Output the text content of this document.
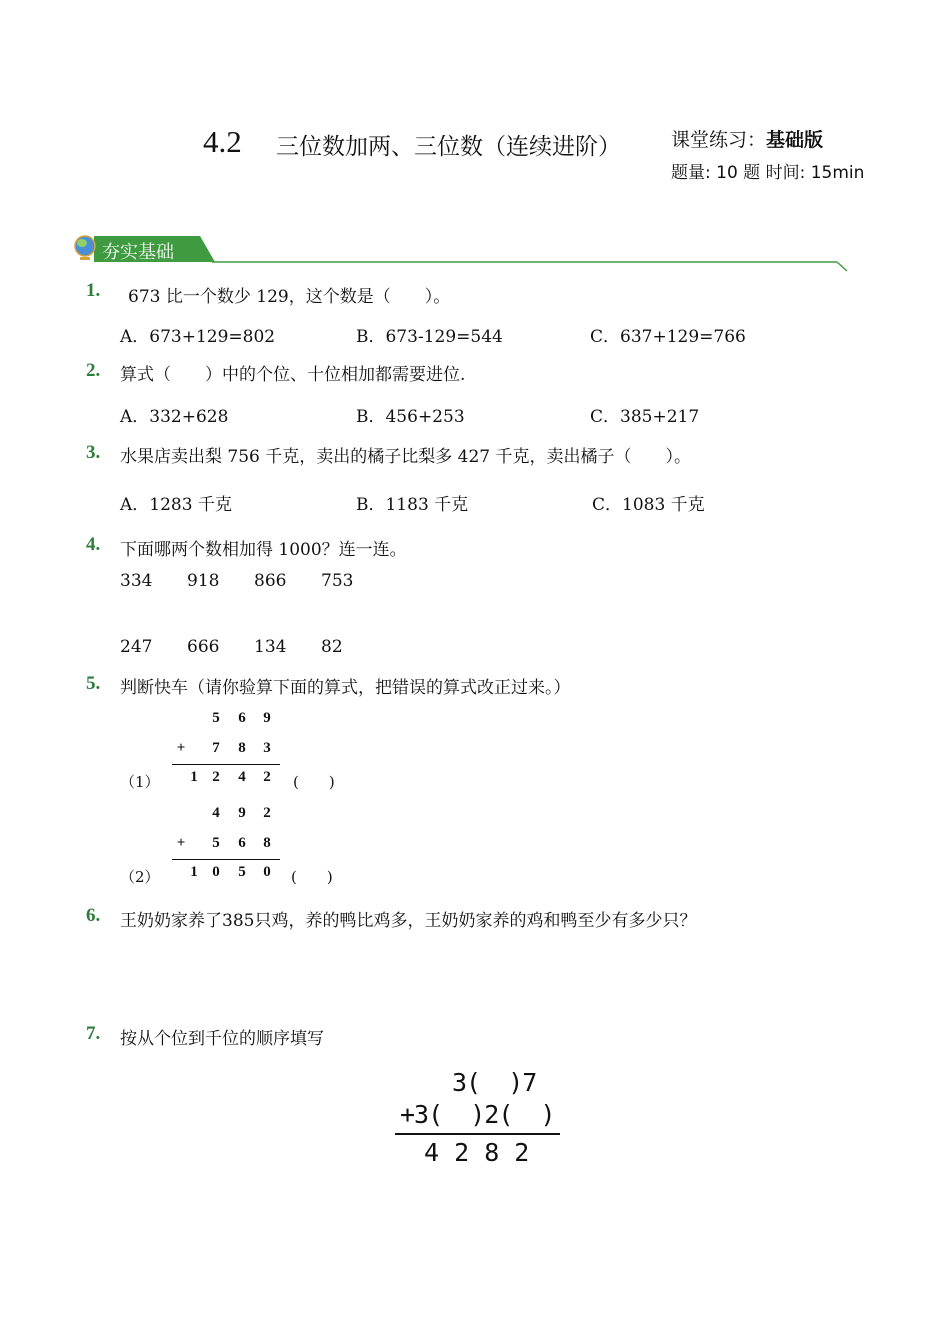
4.2 三位数加两、三位数（连续进阶）	课堂练习：基础版
题量: 10 题 时间: 15min
夯实基础
1. 673 比一个数少 129，这个数是（　　）。
A．673+129=802	B．673-129=544	C．637+129=766
2. 算式（　　）中的个位、十位相加都需要进位.
A．332+628	B．456+253	C．385+217
3. 水果店卖出梨 756 千克，卖出的橘子比梨多 427 千克，卖出橘子（　　）。
A．1283 千克	B．1183 千克	C．1083 千克
4. 下面哪两个数相加得 1000？连一连。
334 918 866 753
247 666 134 82
5. 判断快车（请你验算下面的算式，把错误的算式改正过来。）
5	6	9
+	7	8	3
（1）	1 2	4	2	(　　)
4	9	2
+	5	6	8
（2）	1 0	5	0	(　　)
6. 王奶奶家养了385只鸡，养的鸭比鸡多，王奶奶家养的鸡和鸭至少有多少只？
7. 按从个位到千位的顺序填写
3(  )7
+3(  )2(  )
4 2 8 2
